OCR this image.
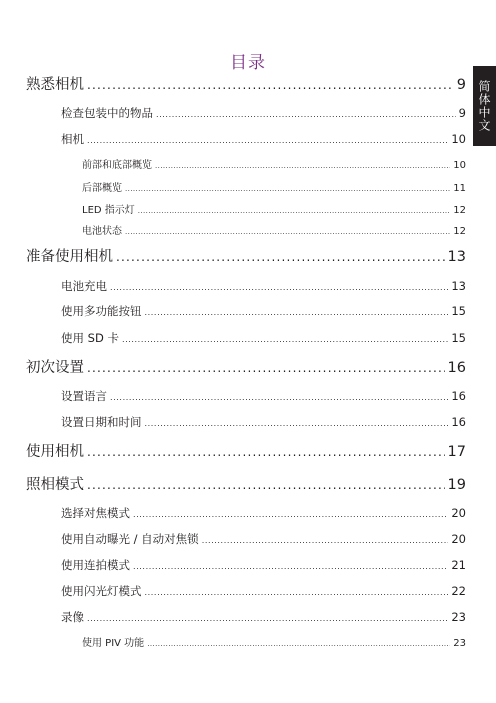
目录
简体中文
熟悉相机 .....	9
检查包装中的物品 .....	9
相机 .....	10
前部和底部概览 .....	10
后部概览 .....	11
LED 指示灯 .....	12
电池状态 .....	12
准备使用相机 .....	13
电池充电 .....	13
使用多功能按钮 .....	15
使用 SD 卡 .....	15
初次设置 .....	16
设置语言 .....	16
设置日期和时间 .....	16
使用相机 .....	17
照相模式 .....	19
选择对焦模式 .....	20
使用自动曝光 / 自动对焦锁 .....	20
使用连拍模式 .....	21
使用闪光灯模式 .....	22
录像 .....	23
使用 PIV 功能 .....	23
